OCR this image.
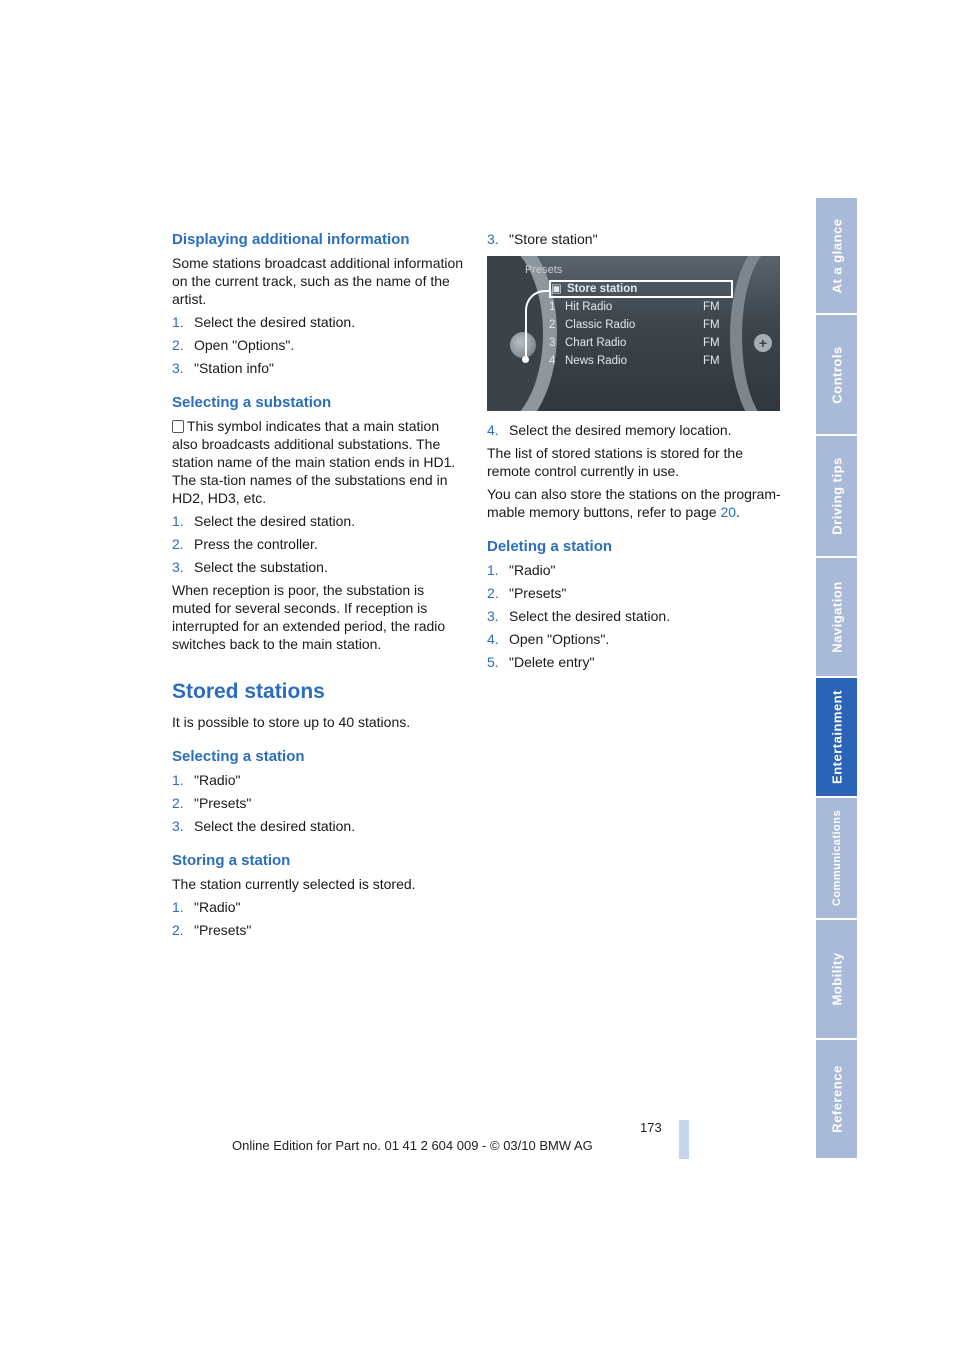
Displaying additional information

Some stations broadcast additional information on the current track, such as the name of the artist.

1. Select the desired station.
2. Open "Options".
3. "Station info"
Selecting a substation

This symbol indicates that a main station also broadcasts additional substations. The station name of the main station ends in HD1. The sta-tion names of the substations end in HD2, HD3, etc.

1. Select the desired station.
2. Press the controller.
3. Select the substation.

When reception is poor, the substation is muted for several seconds. If reception is interrupted for an extended period, the radio switches back to the main station.

Stored stations

It is possible to store up to 40 stations.

Selecting a station
1. "Radio"
2. "Presets"
3. Select the desired station.
Storing a station

The station currently selected is stored.

1. "Radio"
2. "Presets"
3. "Store station"
+
Presets
▣ Store station
1 Hit Radio	FM
2 Classic Radio	FM
3 Chart Radio	FM
4 News Radio	FM
4. Select the desired memory location.

The list of stored stations is stored for the remote control currently in use.

You can also store the stations on the program-mable memory buttons, refer to page 20.

Deleting a station
1. "Radio"
2. "Presets"
3. Select the desired station.
4. Open "Options".
5. "Delete entry"
At a glance
Controls
Driving tips
Navigation
Entertainment
Communications
Mobility
Reference
173
Online Edition for Part no. 01 41 2 604 009 - © 03/10 BMW AG
